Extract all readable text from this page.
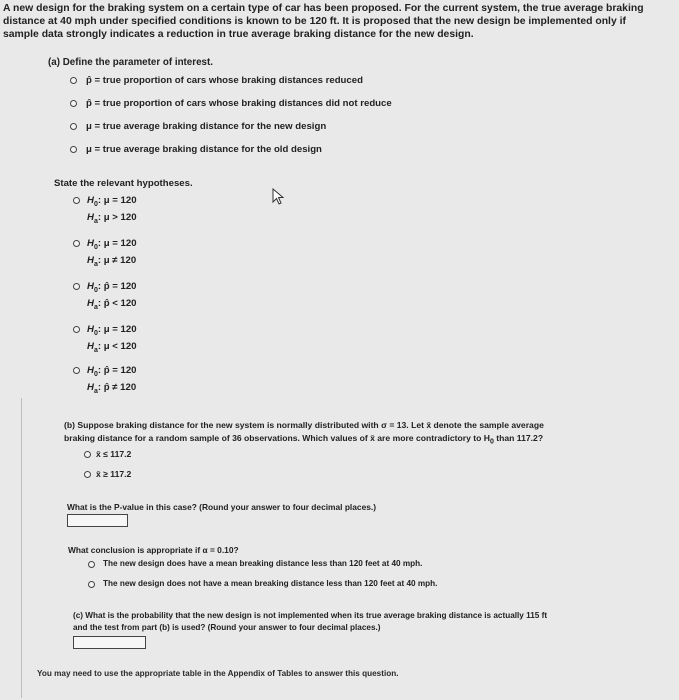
A new design for the braking system on a certain type of car has been proposed. For the current system, the true average braking
distance at 40 mph under specified conditions is known to be 120 ft. It is proposed that the new design be implemented only if
sample data strongly indicates a reduction in true average braking distance for the new design.
(a) Define the parameter of interest.
p̂ = true proportion of cars whose braking distances reduced
p̂ = true proportion of cars whose braking distances did not reduce
μ = true average braking distance for the new design
μ = true average braking distance for the old design
State the relevant hypotheses.
$H_0$: μ = 120
$H_a$: μ > 120
$H_0$: μ = 120
$H_a$: μ ≠ 120
$H_0$: p̂ = 120
$H_a$: p̂ < 120
$H_0$: μ = 120
$H_a$: μ < 120
$H_0$: p̂ = 120
$H_a$: p̂ ≠ 120
(b) Suppose braking distance for the new system is normally distributed with σ = 13. Let x̄ denote the sample average
braking distance for a random sample of 36 observations. Which values of x̄ are more contradictory to $H_0$ than 117.2?
x̄ ≤ 117.2
x̄ ≥ 117.2
What is the P-value in this case? (Round your answer to four decimal places.)
What conclusion is appropriate if α = 0.10?
The new design does have a mean breaking distance less than 120 feet at 40 mph.
The new design does not have a mean breaking distance less than 120 feet at 40 mph.
(c) What is the probability that the new design is not implemented when its true average braking distance is actually 115 ft
and the test from part (b) is used? (Round your answer to four decimal places.)
You may need to use the appropriate table in the Appendix of Tables to answer this question.
